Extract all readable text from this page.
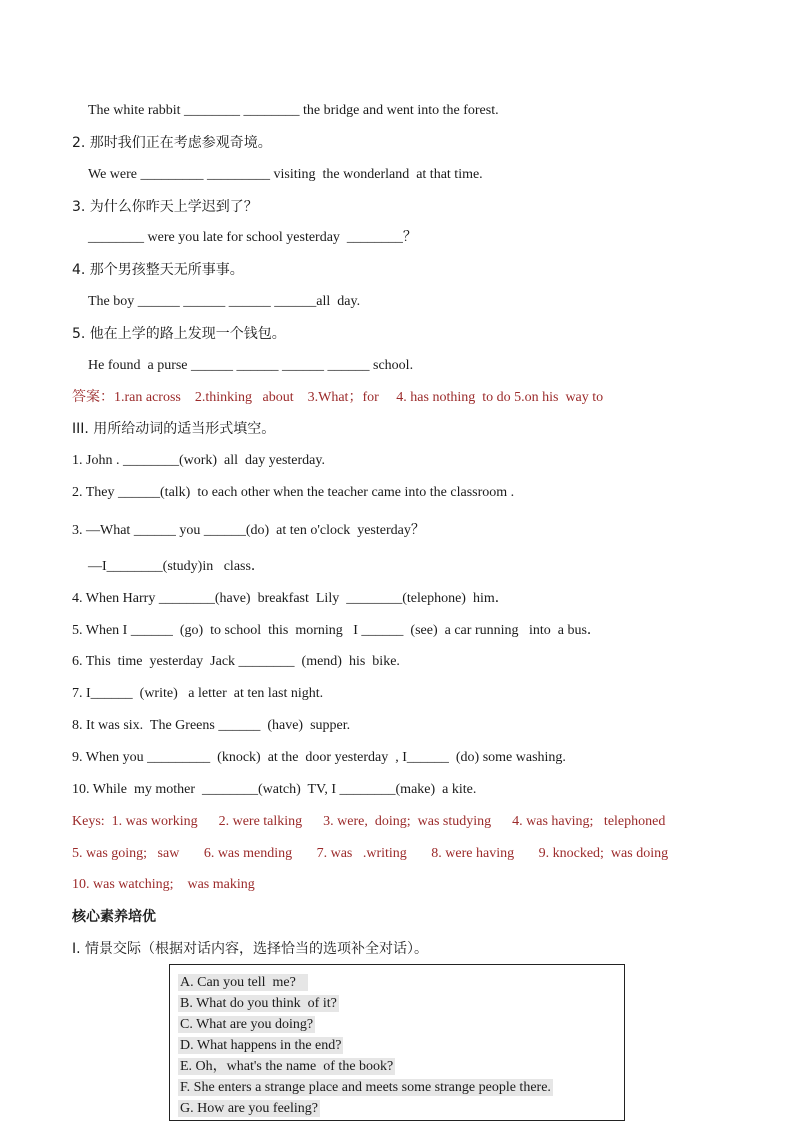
The white rabbit ________ ________ the bridge and went into the forest.
2. 那时我们正在考虑参观奇境。
We were _________ _________ visiting  the wonderland  at that time.
3. 为什么你昨天上学迟到了？
________ were you late for school yesterday  ________？
4. 那个男孩整天无所事事。
The boy ______ ______ ______ ______all  day.
5. 他在上学的路上发现一个钱包。
He found  a purse ______ ______ ______ ______ school.
答案：1.ran across    2.thinking   about    3.What；for     4. has nothing  to do 5.on his  way to
III. 用所给动词的适当形式填空。
1. John . ________(work)  all  day yesterday.
2. They ______(talk)  to each other when the teacher came into the classroom .
3. —What ______ you ______(do)  at ten o'clock  yesterday？
—I________(study)in   class．
4. When Harry ________(have)  breakfast  Lily  ________(telephone)  him．
5. When I ______  (go)  to school  this  morning   I ______  (see)  a car running   into  a bus．
6. This  time  yesterday  Jack ________  (mend)  his  bike.
7. I______  (write)   a letter  at ten last night.
8. It was six.  The Greens ______  (have)  supper.
9. When you _________  (knock)  at the  door yesterday  , I______  (do) some washing.
10. While  my mother  ________(watch)  TV, I ________(make)  a kite.
Keys:  1. was working      2. were talking      3. were,  doing;  was studying      4. was having;   telephoned
5. was going;   saw       6. was mending       7. was   .writing       8. were having       9. knocked;  was doing
10. was watching;    was making
核心素养培优
I. 情景交际（根据对话内容，选择恰当的选项补全对话）。
A. Can you tell  me?
B. What do you think  of it?
C. What are you doing?
D. What happens in the end?
E. Oh，what's the name  of the book?
F. She enters a strange place and meets some strange people there.
G. How are you feeling?
